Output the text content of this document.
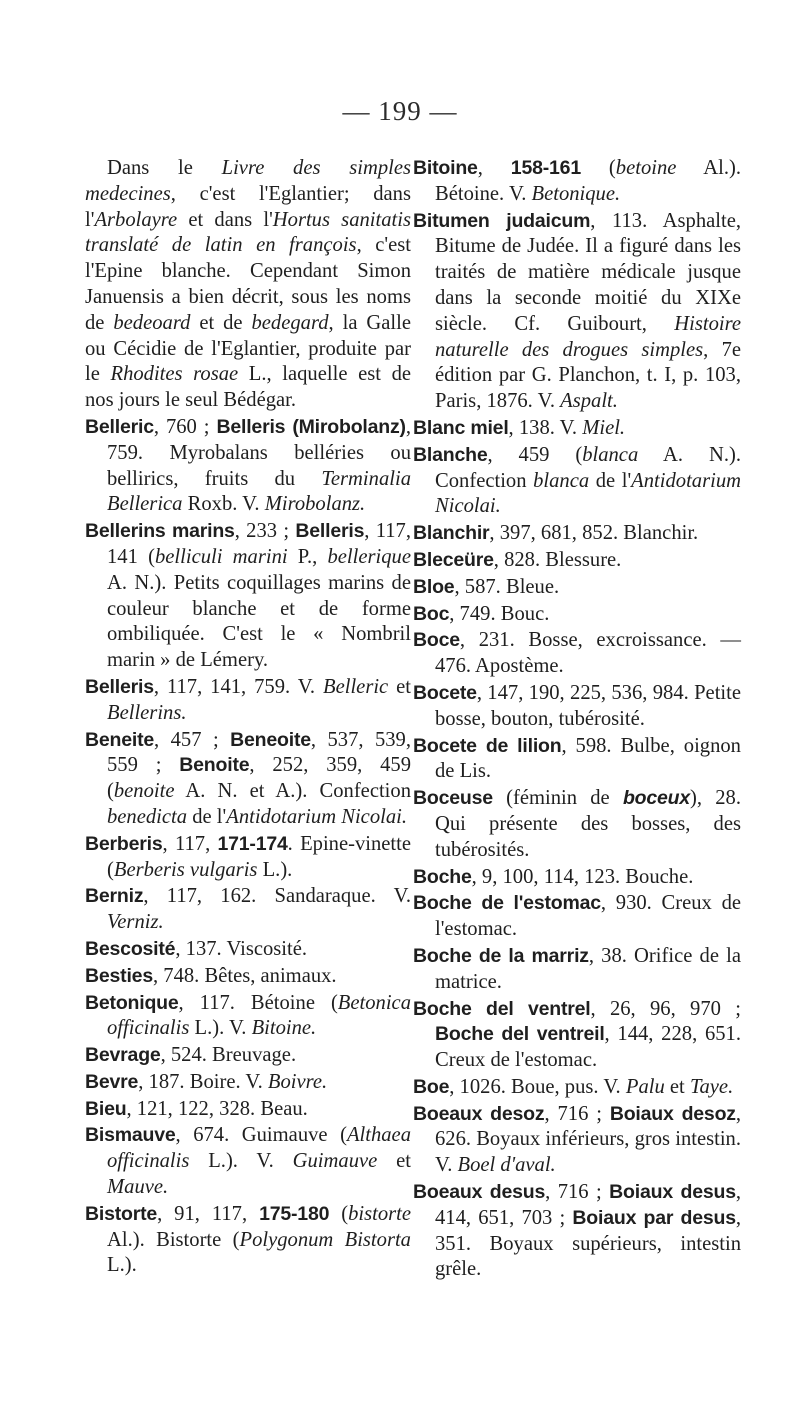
— 199 —

Dans le Livre des simples medecines, c'est l'Eglantier; dans l'Arbolayre et dans l'Hortus sanitatis translaté de latin en françois, c'est l'Epine blanche. Cependant Simon Januensis a bien décrit, sous les noms de bedeoard et de bedegard, la Galle ou Cécidie de l'Eglantier, produite par le Rhodites rosae L., laquelle est de nos jours le seul Bédégar.

Belleric, 760 ; Belleris (Mirobolanz), 759. Myrobalans belléries ou bellirics, fruits du Terminalia Bellerica Roxb. V. Mirobolanz.

Bellerins marins, 233 ; Belleris, 117, 141 (belliculi marini P., bellerique A. N.). Petits coquillages marins de couleur blanche et de forme ombiliquée. C'est le « Nombril marin » de Lémery.

Belleris, 117, 141, 759. V. Belleric et Bellerins.

Beneite, 457 ; Beneoite, 537, 539, 559 ; Benoite, 252, 359, 459 (benoite A. N. et A.). Confection benedicta de l'Antidotarium Nicolai.

Berberis, 117, 171-174. Epine-vinette (Berberis vulgaris L.).

Berniz, 117, 162. Sandaraque. V. Verniz.

Bescosité, 137. Viscosité.

Besties, 748. Bêtes, animaux.

Betonique, 117. Bétoine (Betonica officinalis L.). V. Bitoine.

Bevrage, 524. Breuvage.

Bevre, 187. Boire. V. Boivre.

Bieu, 121, 122, 328. Beau.

Bismauve, 674. Guimauve (Althaea officinalis L.). V. Guimauve et Mauve.

Bistorte, 91, 117, 175-180 (bistorte Al.). Bistorte (Polygonum Bistorta L.).

Bitoine, 158-161 (betoine Al.). Bétoine. V. Betonique.

Bitumen judaicum, 113. Asphalte, Bitume de Judée. Il a figuré dans les traités de matière médicale jusque dans la seconde moitié du XIXe siècle. Cf. Guibourt, Histoire naturelle des drogues simples, 7e édition par G. Planchon, t. I, p. 103, Paris, 1876. V. Aspalt.

Blanc miel, 138. V. Miel.

Blanche, 459 (blanca A. N.). Confection blanca de l'Antidotarium Nicolai.

Blanchir, 397, 681, 852. Blanchir.

Bleceüre, 828. Blessure.

Bloe, 587. Bleue.

Boc, 749. Bouc.

Boce, 231. Bosse, excroissance. — 476. Apostème.

Bocete, 147, 190, 225, 536, 984. Petite bosse, bouton, tubérosité.

Bocete de lilion, 598. Bulbe, oignon de Lis.

Boceuse (féminin de boceux), 28. Qui présente des bosses, des tubérosités.

Boche, 9, 100, 114, 123. Bouche.

Boche de l'estomac, 930. Creux de l'estomac.

Boche de la marriz, 38. Orifice de la matrice.

Boche del ventrel, 26, 96, 970 ; Boche del ventreil, 144, 228, 651. Creux de l'estomac.

Boe, 1026. Boue, pus. V. Palu et Taye.

Boeaux desoz, 716 ; Boiaux desoz, 626. Boyaux inférieurs, gros intestin. V. Boel d'aval.

Boeaux desus, 716 ; Boiaux desus, 414, 651, 703 ; Boiaux par desus, 351. Boyaux supérieurs, intestin grêle.
